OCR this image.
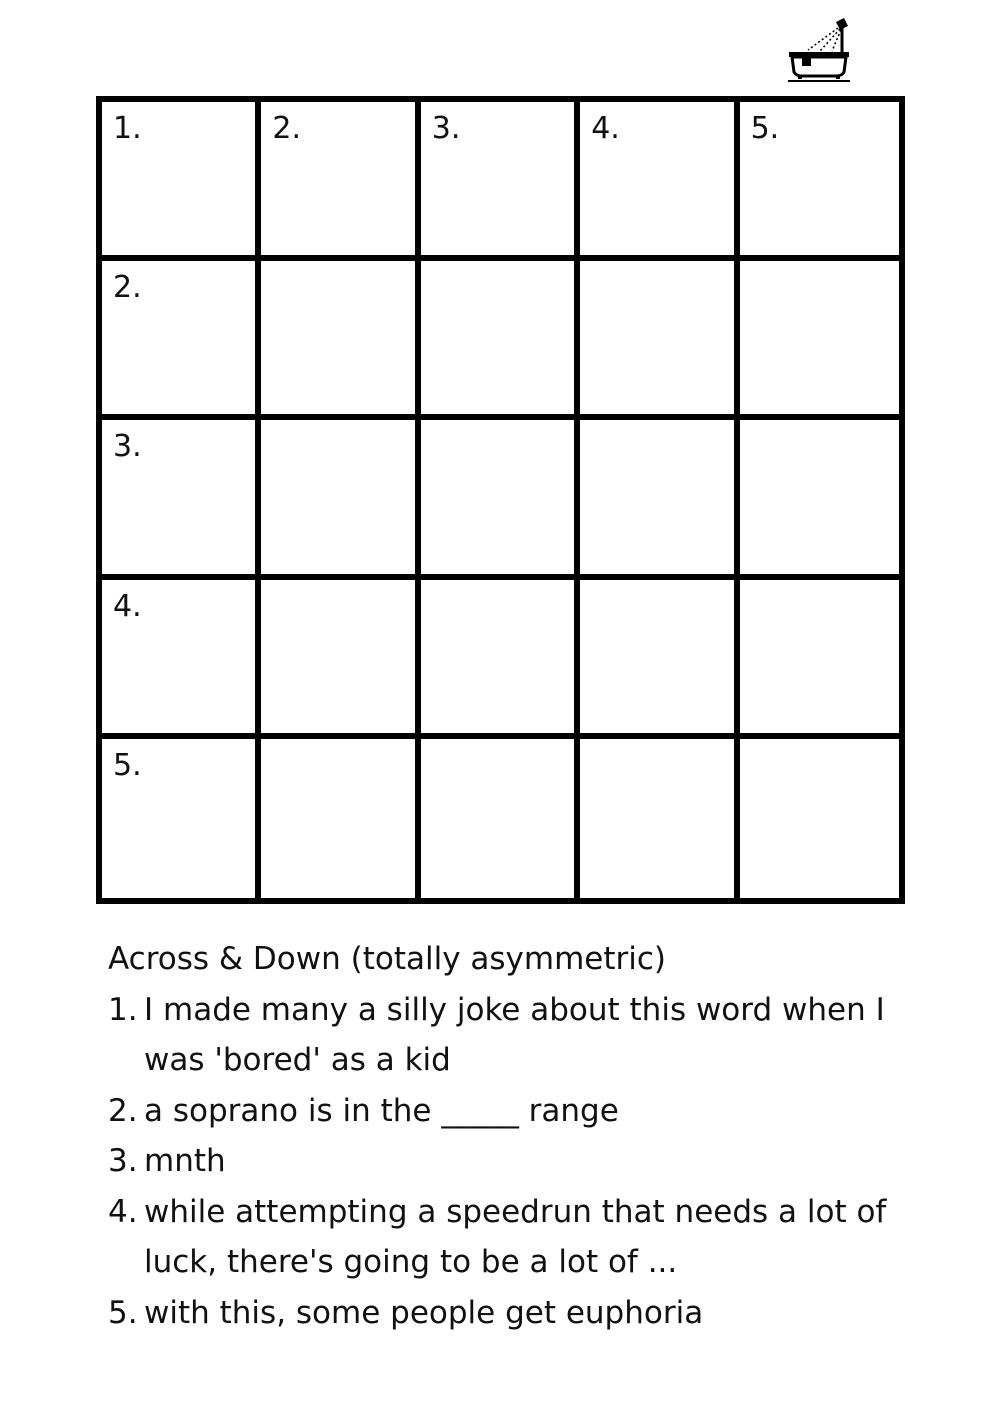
1.	2.	3.	4.	5.
2.
3.
4.
5.
Across & Down (totally asymmetric)
1. I made many a silly joke about this word when I was 'bored' as a kid
2. a soprano is in the _____ range
3. mnth
4. while attempting a speedrun that needs a lot of luck, there's going to be a lot of ...
5. with this, some people get euphoria
